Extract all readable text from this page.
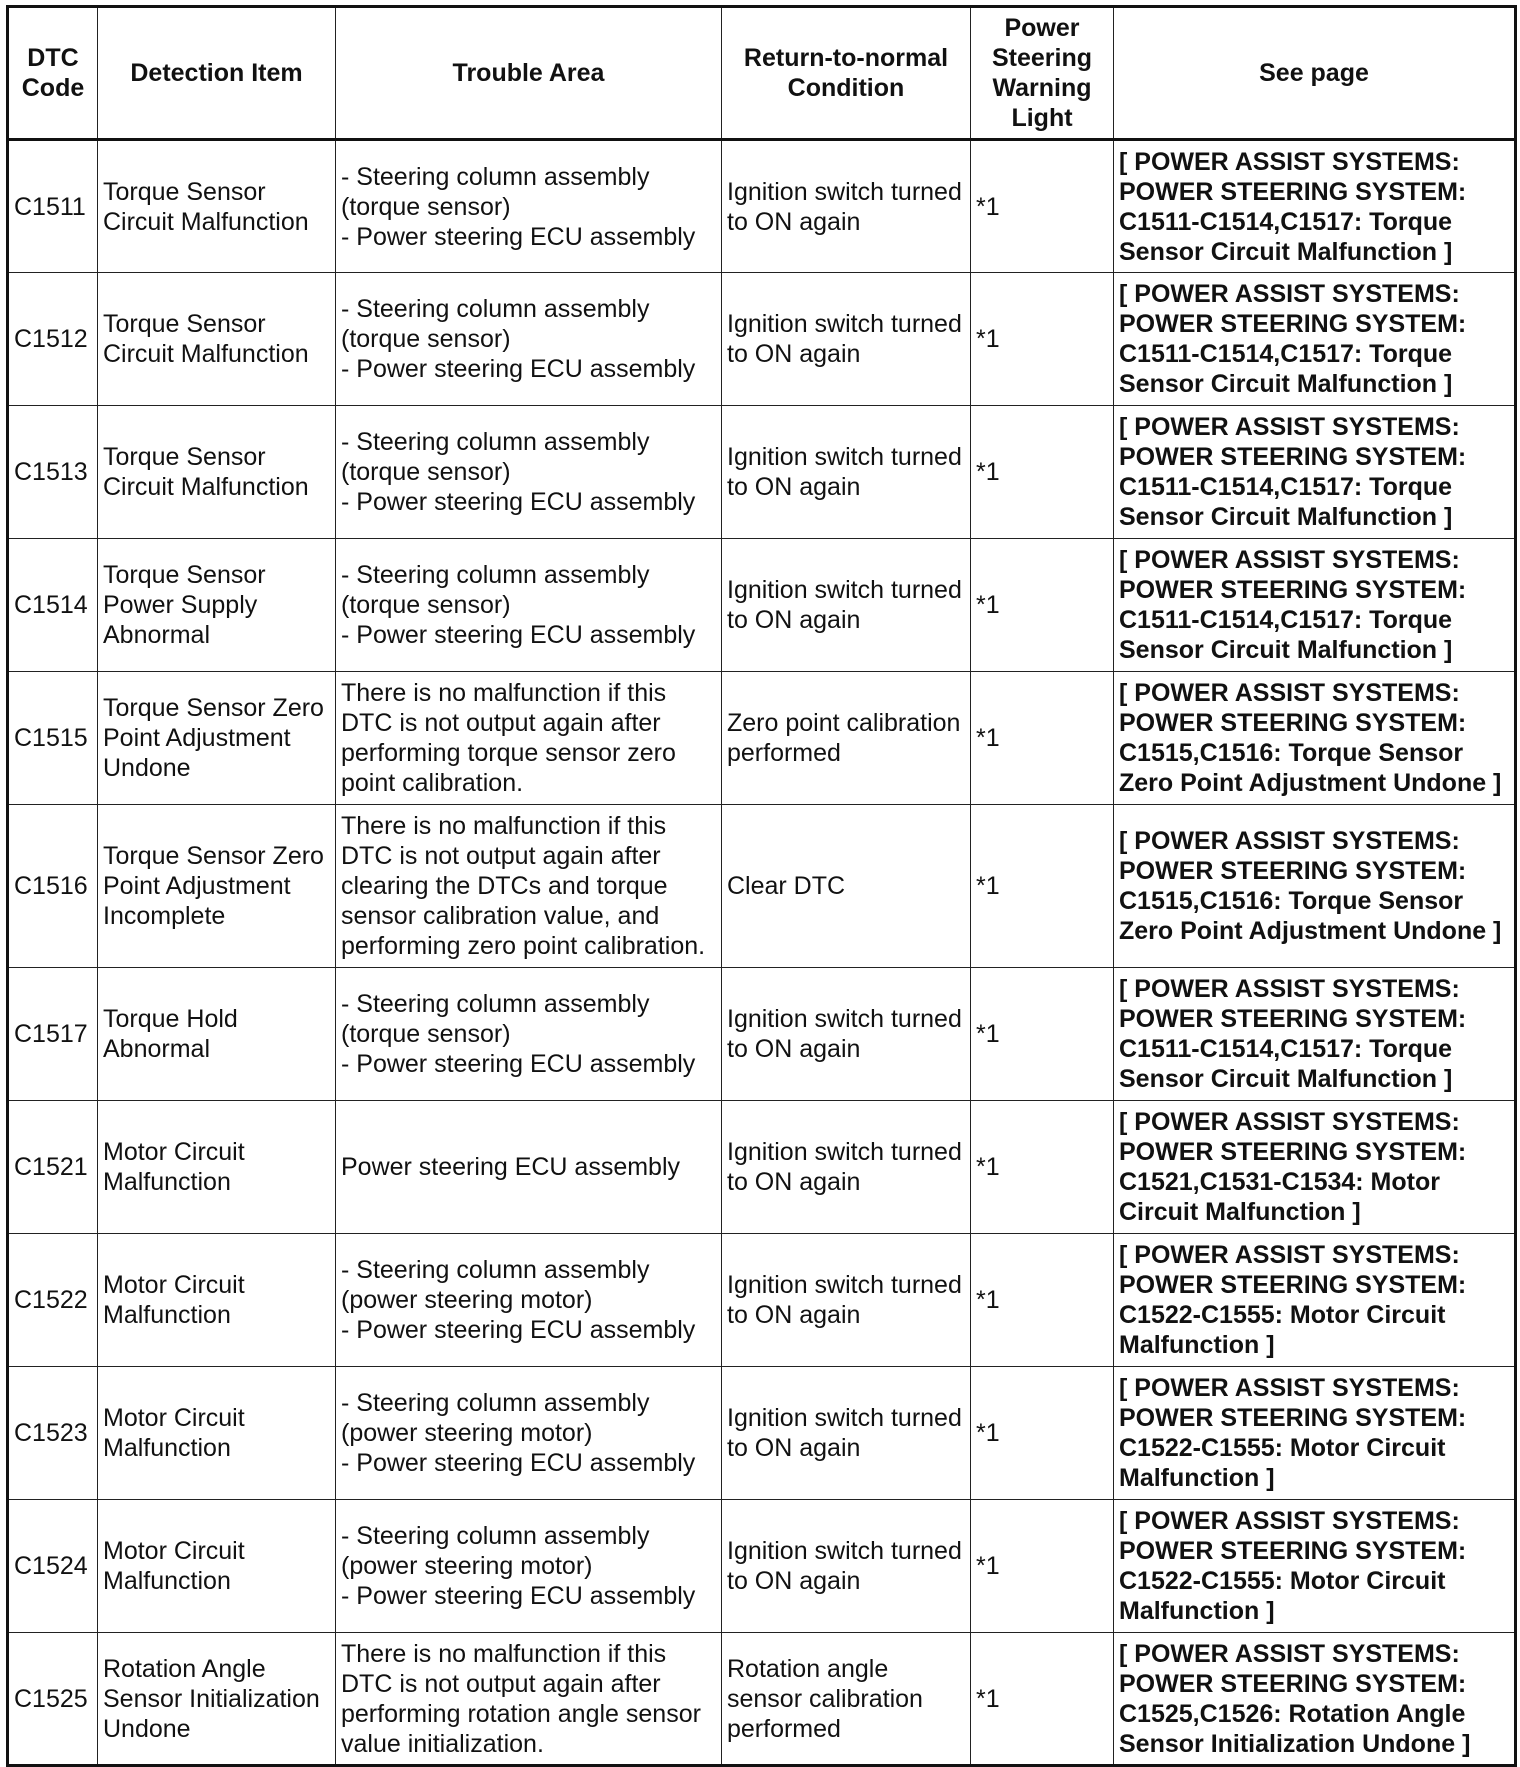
DTC
Code	Detection Item	Trouble Area	Return-to-normal
Condition	Power
Steering
Warning
Light	See page

C1511	Torque Sensor
Circuit Malfunction	- Steering column assembly
(torque sensor)
- Power steering ECU assembly	Ignition switch turned
to ON again	*1	[ POWER ASSIST SYSTEMS:
POWER STEERING SYSTEM:
C1511-C1514,C1517: Torque
Sensor Circuit Malfunction ]

C1512	Torque Sensor
Circuit Malfunction	- Steering column assembly
(torque sensor)
- Power steering ECU assembly	Ignition switch turned
to ON again	*1	[ POWER ASSIST SYSTEMS:
POWER STEERING SYSTEM:
C1511-C1514,C1517: Torque
Sensor Circuit Malfunction ]

C1513	Torque Sensor
Circuit Malfunction	- Steering column assembly
(torque sensor)
- Power steering ECU assembly	Ignition switch turned
to ON again	*1	[ POWER ASSIST SYSTEMS:
POWER STEERING SYSTEM:
C1511-C1514,C1517: Torque
Sensor Circuit Malfunction ]

C1514	Torque Sensor
Power Supply
Abnormal	- Steering column assembly
(torque sensor)
- Power steering ECU assembly	Ignition switch turned
to ON again	*1	[ POWER ASSIST SYSTEMS:
POWER STEERING SYSTEM:
C1511-C1514,C1517: Torque
Sensor Circuit Malfunction ]

C1515	Torque Sensor Zero
Point Adjustment
Undone	There is no malfunction if this
DTC is not output again after
performing torque sensor zero
point calibration.	Zero point calibration
performed	*1	[ POWER ASSIST SYSTEMS:
POWER STEERING SYSTEM:
C1515,C1516: Torque Sensor
Zero Point Adjustment Undone ]

C1516	Torque Sensor Zero
Point Adjustment
Incomplete	There is no malfunction if this
DTC is not output again after
clearing the DTCs and torque
sensor calibration value, and
performing zero point calibration.	Clear DTC	*1	[ POWER ASSIST SYSTEMS:
POWER STEERING SYSTEM:
C1515,C1516: Torque Sensor
Zero Point Adjustment Undone ]

C1517	Torque Hold
Abnormal	- Steering column assembly
(torque sensor)
- Power steering ECU assembly	Ignition switch turned
to ON again	*1	[ POWER ASSIST SYSTEMS:
POWER STEERING SYSTEM:
C1511-C1514,C1517: Torque
Sensor Circuit Malfunction ]

C1521	Motor Circuit
Malfunction	Power steering ECU assembly	Ignition switch turned
to ON again	*1	[ POWER ASSIST SYSTEMS:
POWER STEERING SYSTEM:
C1521,C1531-C1534: Motor
Circuit Malfunction ]

C1522	Motor Circuit
Malfunction	- Steering column assembly
(power steering motor)
- Power steering ECU assembly	Ignition switch turned
to ON again	*1	[ POWER ASSIST SYSTEMS:
POWER STEERING SYSTEM:
C1522-C1555: Motor Circuit
Malfunction ]

C1523	Motor Circuit
Malfunction	- Steering column assembly
(power steering motor)
- Power steering ECU assembly	Ignition switch turned
to ON again	*1	[ POWER ASSIST SYSTEMS:
POWER STEERING SYSTEM:
C1522-C1555: Motor Circuit
Malfunction ]

C1524	Motor Circuit
Malfunction	- Steering column assembly
(power steering motor)
- Power steering ECU assembly	Ignition switch turned
to ON again	*1	[ POWER ASSIST SYSTEMS:
POWER STEERING SYSTEM:
C1522-C1555: Motor Circuit
Malfunction ]

C1525	Rotation Angle
Sensor Initialization
Undone	There is no malfunction if this
DTC is not output again after
performing rotation angle sensor
value initialization.	Rotation angle
sensor calibration
performed	*1	[ POWER ASSIST SYSTEMS:
POWER STEERING SYSTEM:
C1525,C1526: Rotation Angle
Sensor Initialization Undone ]
